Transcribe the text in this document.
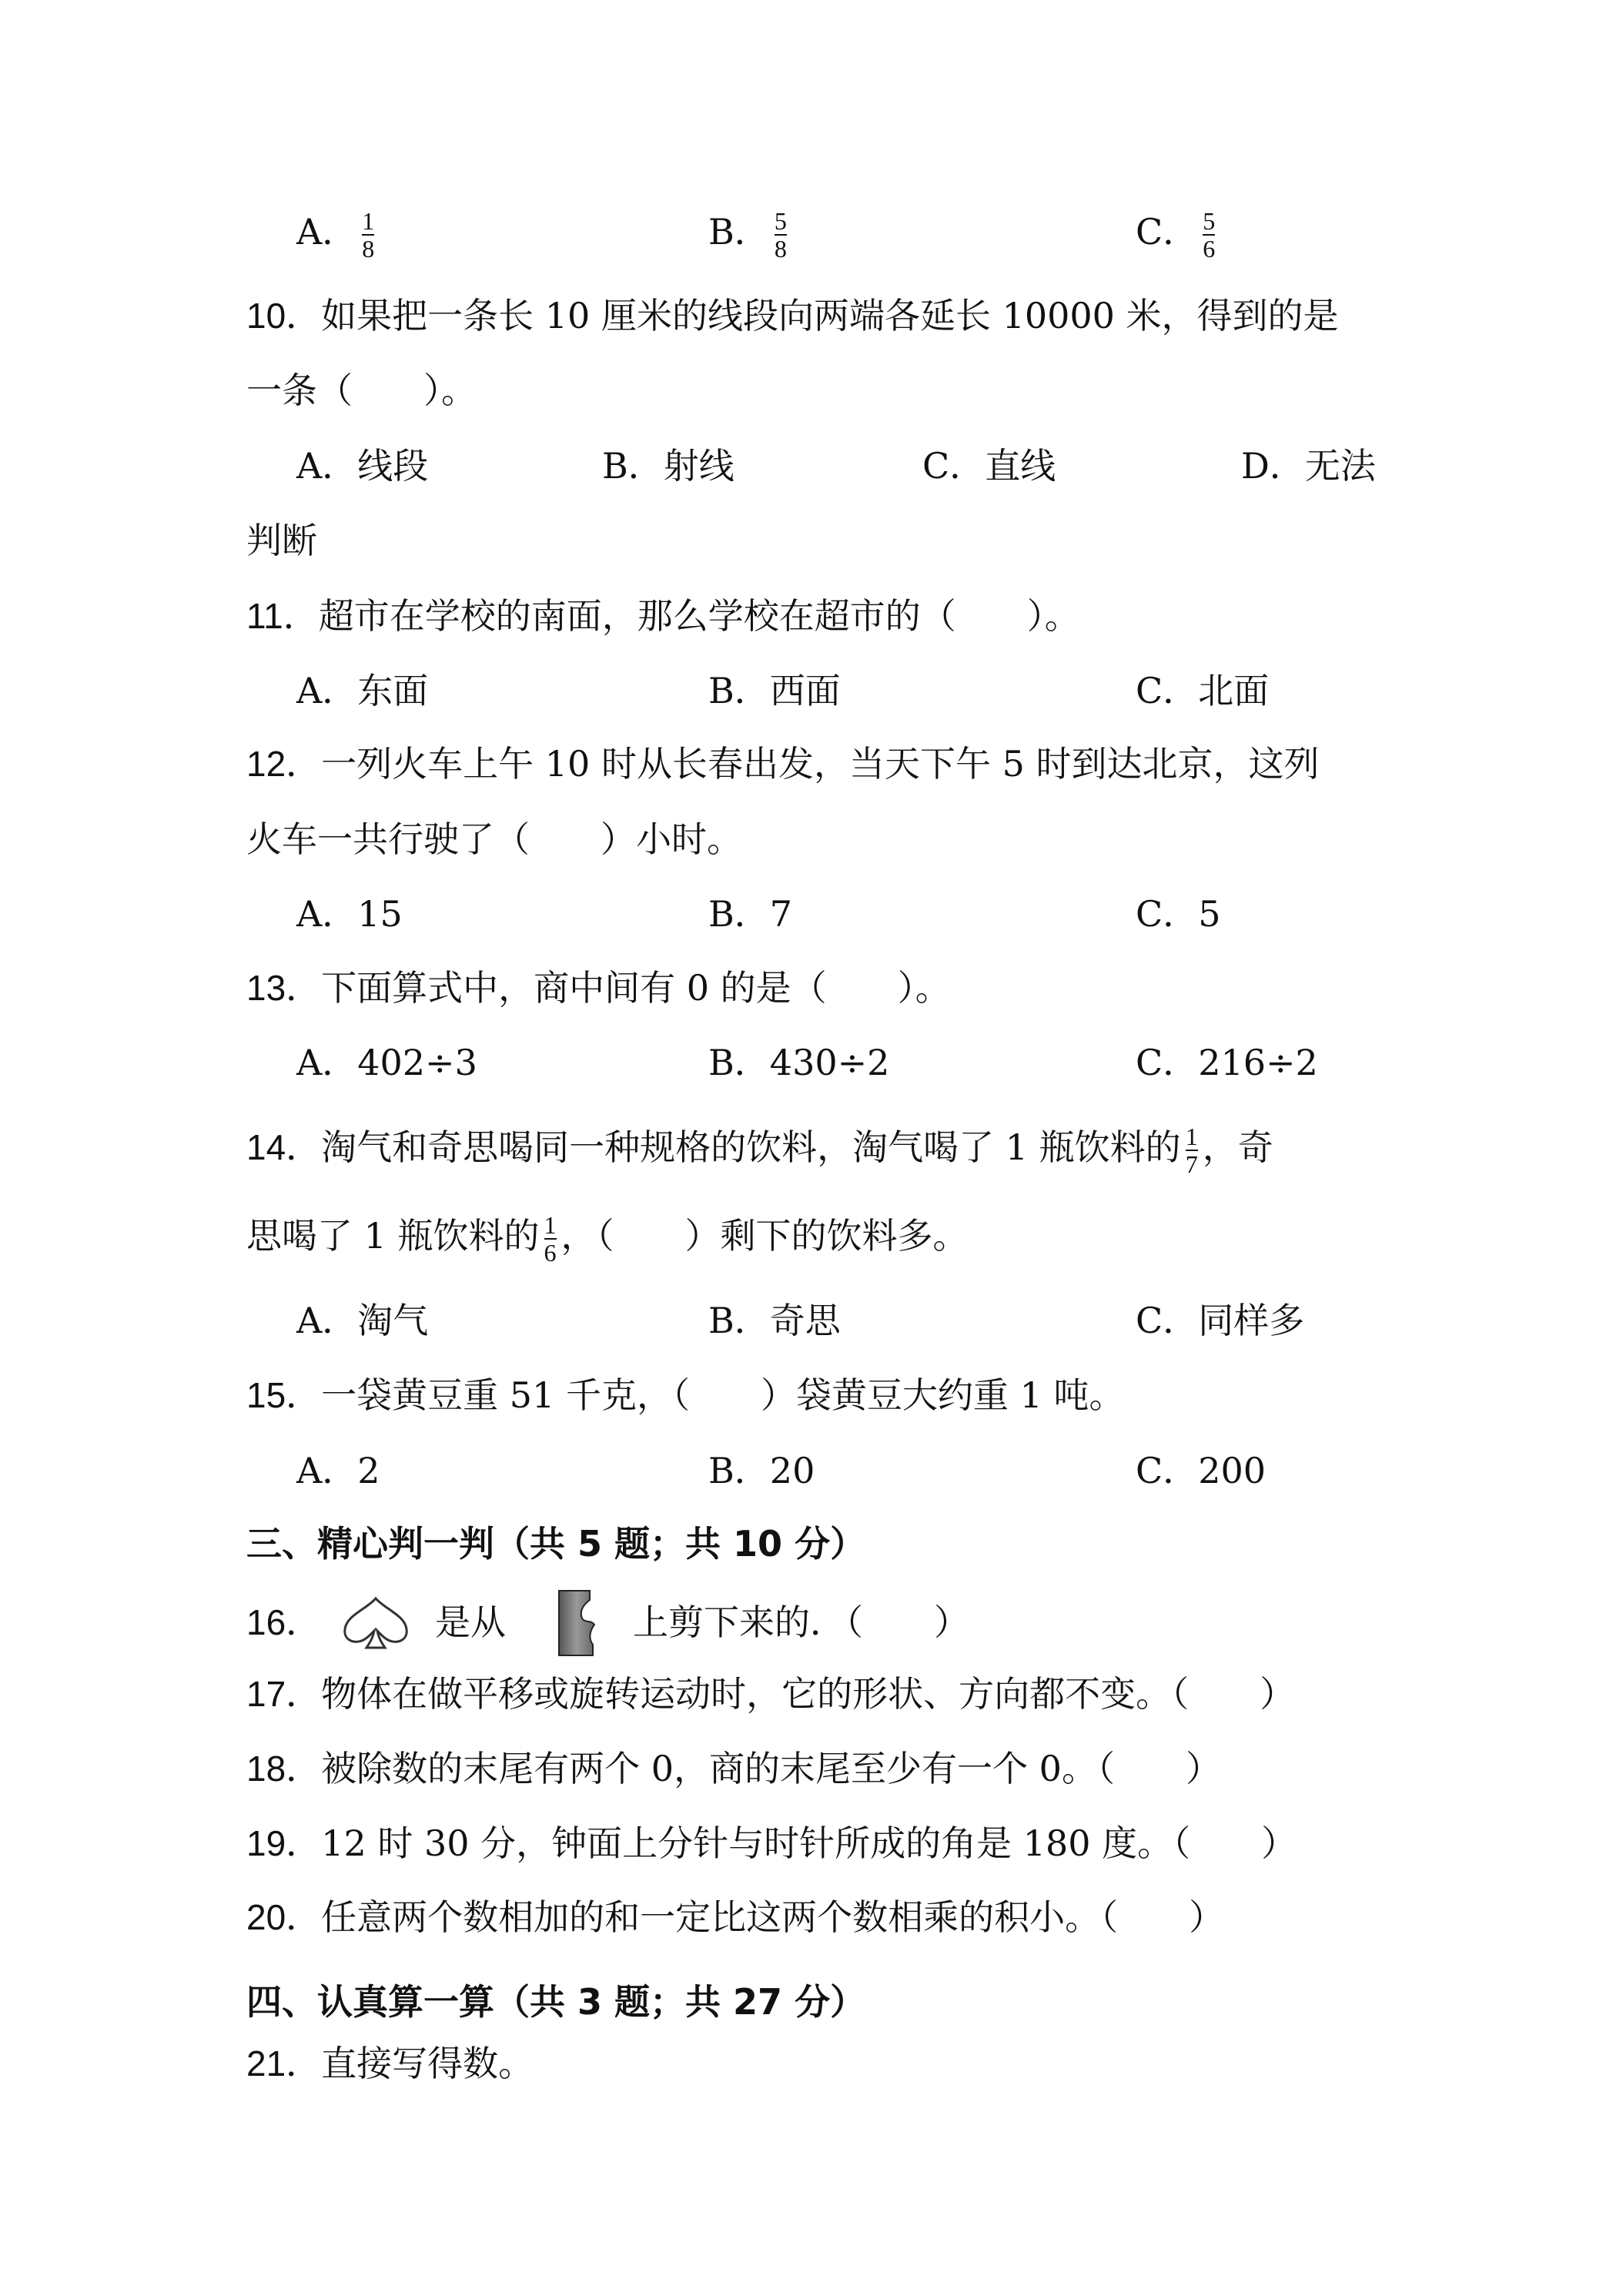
A． $\frac{1}{8}$	B． $\frac{5}{8}$	C． $\frac{5}{6}$
10．如果把一条长 10 厘米的线段向两端各延长 10000 米，得到的是
一条（　　）。
A．线段	B．射线	C．直线	D．无法
判断
11．超市在学校的南面，那么学校在超市的（　　）。
A．东面	B．西面	C．北面
12．一列火车上午 10 时从长春出发，当天下午 5 时到达北京，这列
火车一共行驶了（　　）小时。
A．15	B．7	C．5
13．下面算式中，商中间有 0 的是（　　）。
A．402÷3	B．430÷2	C．216÷2
14．淘气和奇思喝同一种规格的饮料，淘气喝了 1 瓶饮料的 $\frac{1}{7}$ ，奇
思喝了 1 瓶饮料的 $\frac{1}{6}$ ，（　　）剩下的饮料多。
A．淘气	B．奇思	C．同样多
15．一袋黄豆重 51 千克，（　　）袋黄豆大约重 1 吨。
A．2	B．20	C．200
三、精心判一判（共 5 题；共 10 分）
16．	是从	上剪下来的．（　　）
17．物体在做平移或旋转运动时，它的形状、方向都不变。（　　）
18．被除数的末尾有两个 0，商的末尾至少有一个 0。（　　）
19．12 时 30 分，钟面上分针与时针所成的角是 180 度。（　　）
20．任意两个数相加的和一定比这两个数相乘的积小。（　　）
四、认真算一算（共 3 题；共 27 分）
21．直接写得数。
